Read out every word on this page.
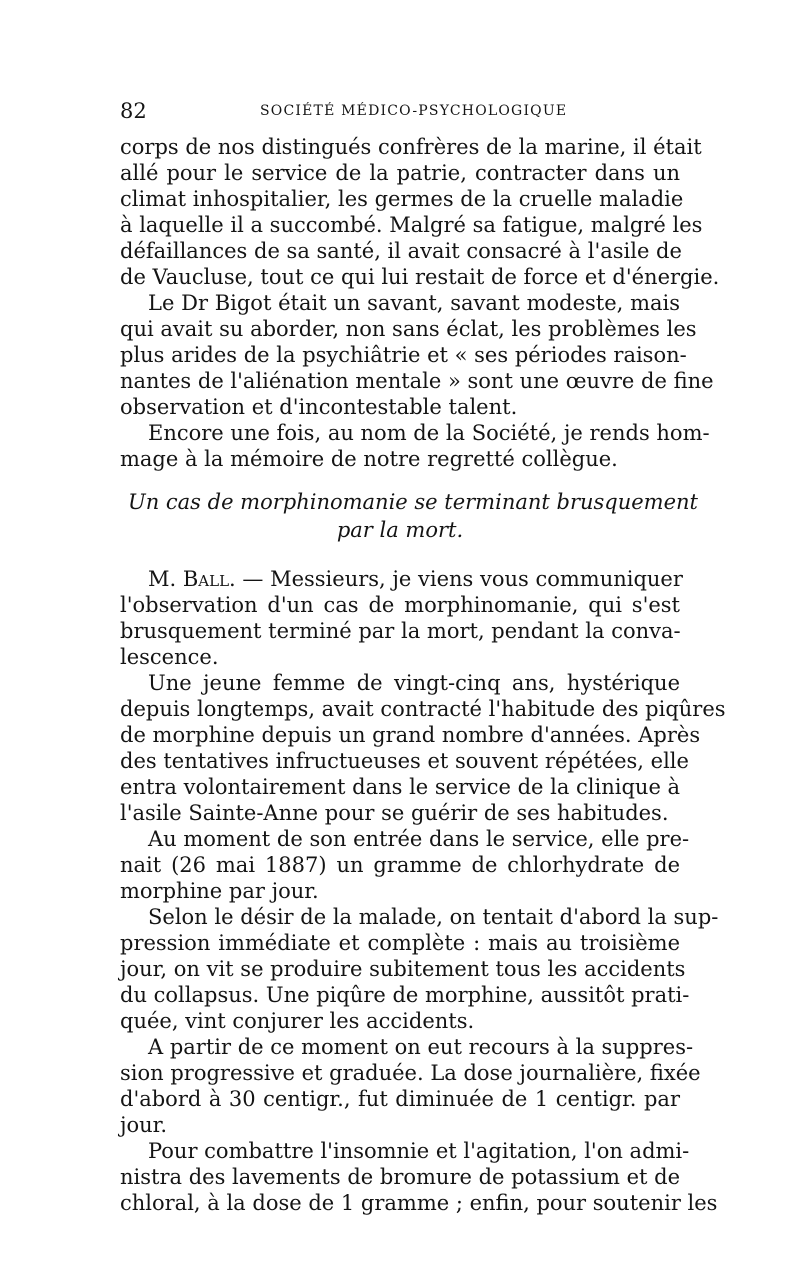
82	SOCIÉTÉ MÉDICO-PSYCHOLOGIQUE
corps de nos distingués confrères de la marine, il était
allé pour le service de la patrie, contracter dans un
climat inhospitalier, les germes de la cruelle maladie
à laquelle il a succombé. Malgré sa fatigue, malgré les
défaillances de sa santé, il avait consacré à l'asile de
de Vaucluse, tout ce qui lui restait de force et d'énergie.
Le Dr Bigot était un savant, savant modeste, mais
qui avait su aborder, non sans éclat, les problèmes les
plus arides de la psychiâtrie et « ses périodes raison-
nantes de l'aliénation mentale » sont une œuvre de fine
observation et d'incontestable talent.
Encore une fois, au nom de la Société, je rends hom-
mage à la mémoire de notre regretté collègue.
Un cas de morphinomanie se terminant brusquement
par la mort.
M. Ball. — Messieurs, je viens vous communiquer
l'observation d'un cas de morphinomanie, qui s'est
brusquement terminé par la mort, pendant la conva-
lescence.
Une jeune femme de vingt-cinq ans, hystérique
depuis longtemps, avait contracté l'habitude des piqûres
de morphine depuis un grand nombre d'années. Après
des tentatives infructueuses et souvent répétées, elle
entra volontairement dans le service de la clinique à
l'asile Sainte-Anne pour se guérir de ses habitudes.
Au moment de son entrée dans le service, elle pre-
nait (26 mai 1887) un gramme de chlorhydrate de
morphine par jour.
Selon le désir de la malade, on tentait d'abord la sup-
pression immédiate et complète : mais au troisième
jour, on vit se produire subitement tous les accidents
du collapsus. Une piqûre de morphine, aussitôt prati-
quée, vint conjurer les accidents.
A partir de ce moment on eut recours à la suppres-
sion progressive et graduée. La dose journalière, fixée
d'abord à 30 centigr., fut diminuée de 1 centigr. par
jour.
Pour combattre l'insomnie et l'agitation, l'on admi-
nistra des lavements de bromure de potassium et de
chloral, à la dose de 1 gramme ; enfin, pour soutenir les
